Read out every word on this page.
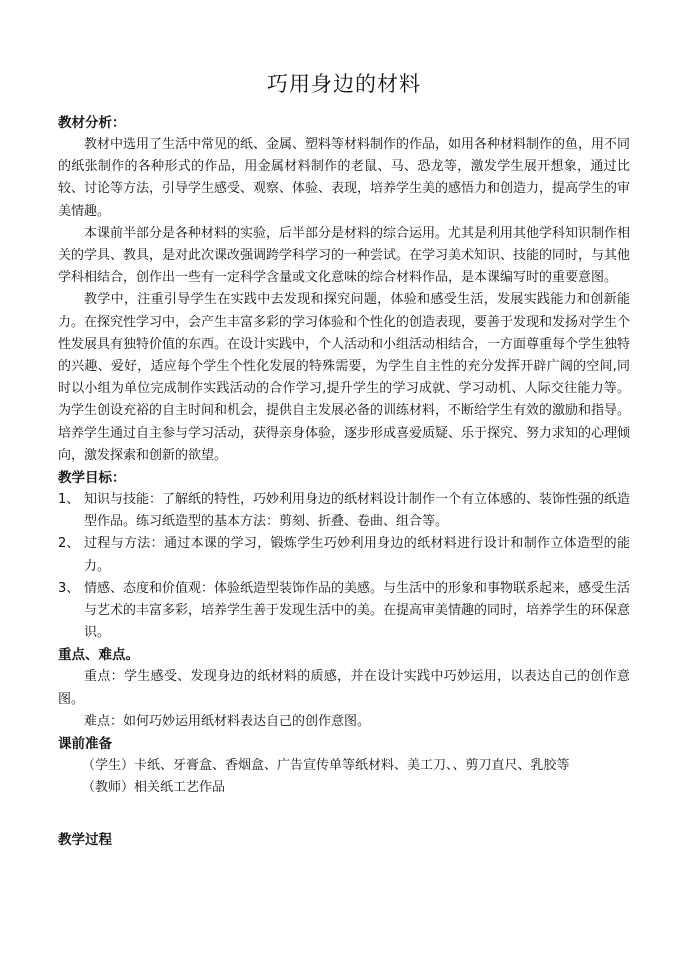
巧用身边的材料

教材分析：

教材中选用了生活中常见的纸、金属、塑料等材料制作的作品，如用各种材料制作的鱼，用不同的纸张制作的各种形式的作品，用金属材料制作的老鼠、马、恐龙等，激发学生展开想象，通过比较、讨论等方法，引导学生感受、观察、体验、表现，培养学生美的感悟力和创造力，提高学生的审美情趣。

本课前半部分是各种材料的实验，后半部分是材料的综合运用。尤其是利用其他学科知识制作相关的学具、教具，是对此次课改强调跨学科学习的一种尝试。在学习美术知识、技能的同时，与其他学科相结合，创作出一些有一定科学含量或文化意味的综合材料作品，是本课编写时的重要意图。

教学中，注重引导学生在实践中去发现和探究问题，体验和感受生活，发展实践能力和创新能力。在探究性学习中，会产生丰富多彩的学习体验和个性化的创造表现，要善于发现和发扬对学生个性发展具有独特价值的东西。在设计实践中，个人活动和小组活动相结合，一方面尊重每个学生独特的兴趣、爱好，适应每个学生个性化发展的特殊需要，为学生自主性的充分发挥开辟广阔的空间,同时以小组为单位完成制作实践活动的合作学习,提升学生的学习成就、学习动机、人际交往能力等。为学生创设充裕的自主时间和机会，提供自主发展必备的训练材料，不断给学生有效的激励和指导。培养学生通过自主参与学习活动，获得亲身体验，逐步形成喜爱质疑、乐于探究、努力求知的心理倾向，激发探索和创新的欲望。

教学目标：

1、 知识与技能：了解纸的特性，巧妙利用身边的纸材料设计制作一个有立体感的、装饰性强的纸造型作品。练习纸造型的基本方法：剪刻、折叠、卷曲、组合等。
2、 过程与方法：通过本课的学习，锻炼学生巧妙利用身边的纸材料进行设计和制作立体造型的能力。
3、 情感、态度和价值观：体验纸造型装饰作品的美感。与生活中的形象和事物联系起来，感受生活与艺术的丰富多彩，培养学生善于发现生活中的美。在提高审美情趣的同时，培养学生的环保意识。

重点、难点。

重点：学生感受、发现身边的纸材料的质感，并在设计实践中巧妙运用，以表达自己的创作意图。

难点：如何巧妙运用纸材料表达自己的创作意图。

课前准备

（学生）卡纸、牙膏盒、香烟盒、广告宣传单等纸材料、美工刀、、剪刀直尺、乳胶等

（教师）相关纸工艺作品

教学过程
